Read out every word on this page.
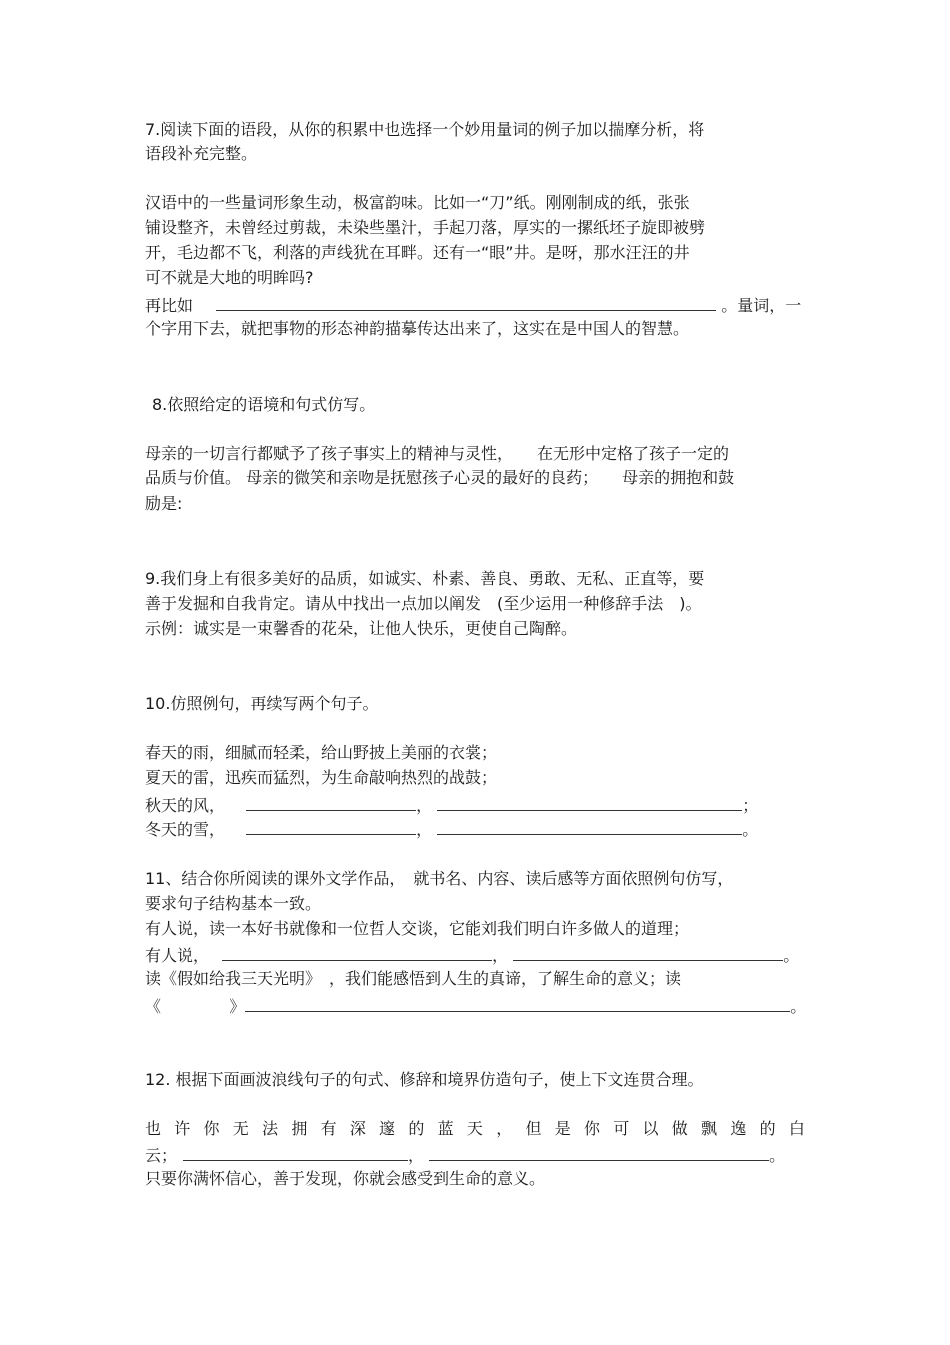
7.阅读下面的语段，从你的积累中也选择一个妙用量词的例子加以揣摩分析，将
语段补充完整。
汉语中的一些量词形象生动，极富韵味。比如一“刀”纸。刚刚制成的纸，张张
铺设整齐，未曾经过剪裁，未染些墨汁，手起刀落，厚实的一摞纸坯子旋即被劈
开，毛边都不飞，利落的声线犹在耳畔。还有一“眼”井。是呀，那水汪汪的井
可不就是大地的明眸吗?
再比如	。量词，一
个字用下去，就把事物的形态神韵描摹传达出来了，这实在是中国人的智慧。
8.依照给定的语境和句式仿写。
母亲的一切言行都赋予了孩子事实上的精神与灵性，　　在无形中定格了孩子一定的
品质与价值。 母亲的微笑和亲吻是抚慰孩子心灵的最好的良药；　　母亲的拥抱和鼓
励是:
9.我们身上有很多美好的品质，如诚实、朴素、善良、勇敢、无私、正直等，要
善于发掘和自我肯定。请从中找出一点加以阐发　(至少运用一种修辞手法　)。
示例：诚实是一束馨香的花朵，让他人快乐，更使自己陶醉。
10.仿照例句，再续写两个句子。
春天的雨，细腻而轻柔，给山野披上美丽的衣裳；
夏天的雷，迅疾而猛烈，为生命敲响热烈的战鼓；
秋天的风，	，	；
冬天的雪，	，	。
11、结合你所阅读的课外文学作品，　就书名、内容、读后感等方面依照例句仿写，
要求句子结构基本一致。
有人说，读一本好书就像和一位哲人交谈，它能刘我们明白许多做人的道理；
有人说，	，	。
读《假如给我三天光明》　，我们能感悟到人生的真谛，了解生命的意义；读
《	》	。
12. 根据下面画波浪线句子的句式、修辞和境界仿造句子，使上下文连贯合理。
也 许 你 无 法 拥 有 深 邃 的 蓝 天 ， 但 是 你 可 以 做 飘 逸 的 白
云；	，	。
只要你满怀信心，善于发现，你就会感受到生命的意义。
